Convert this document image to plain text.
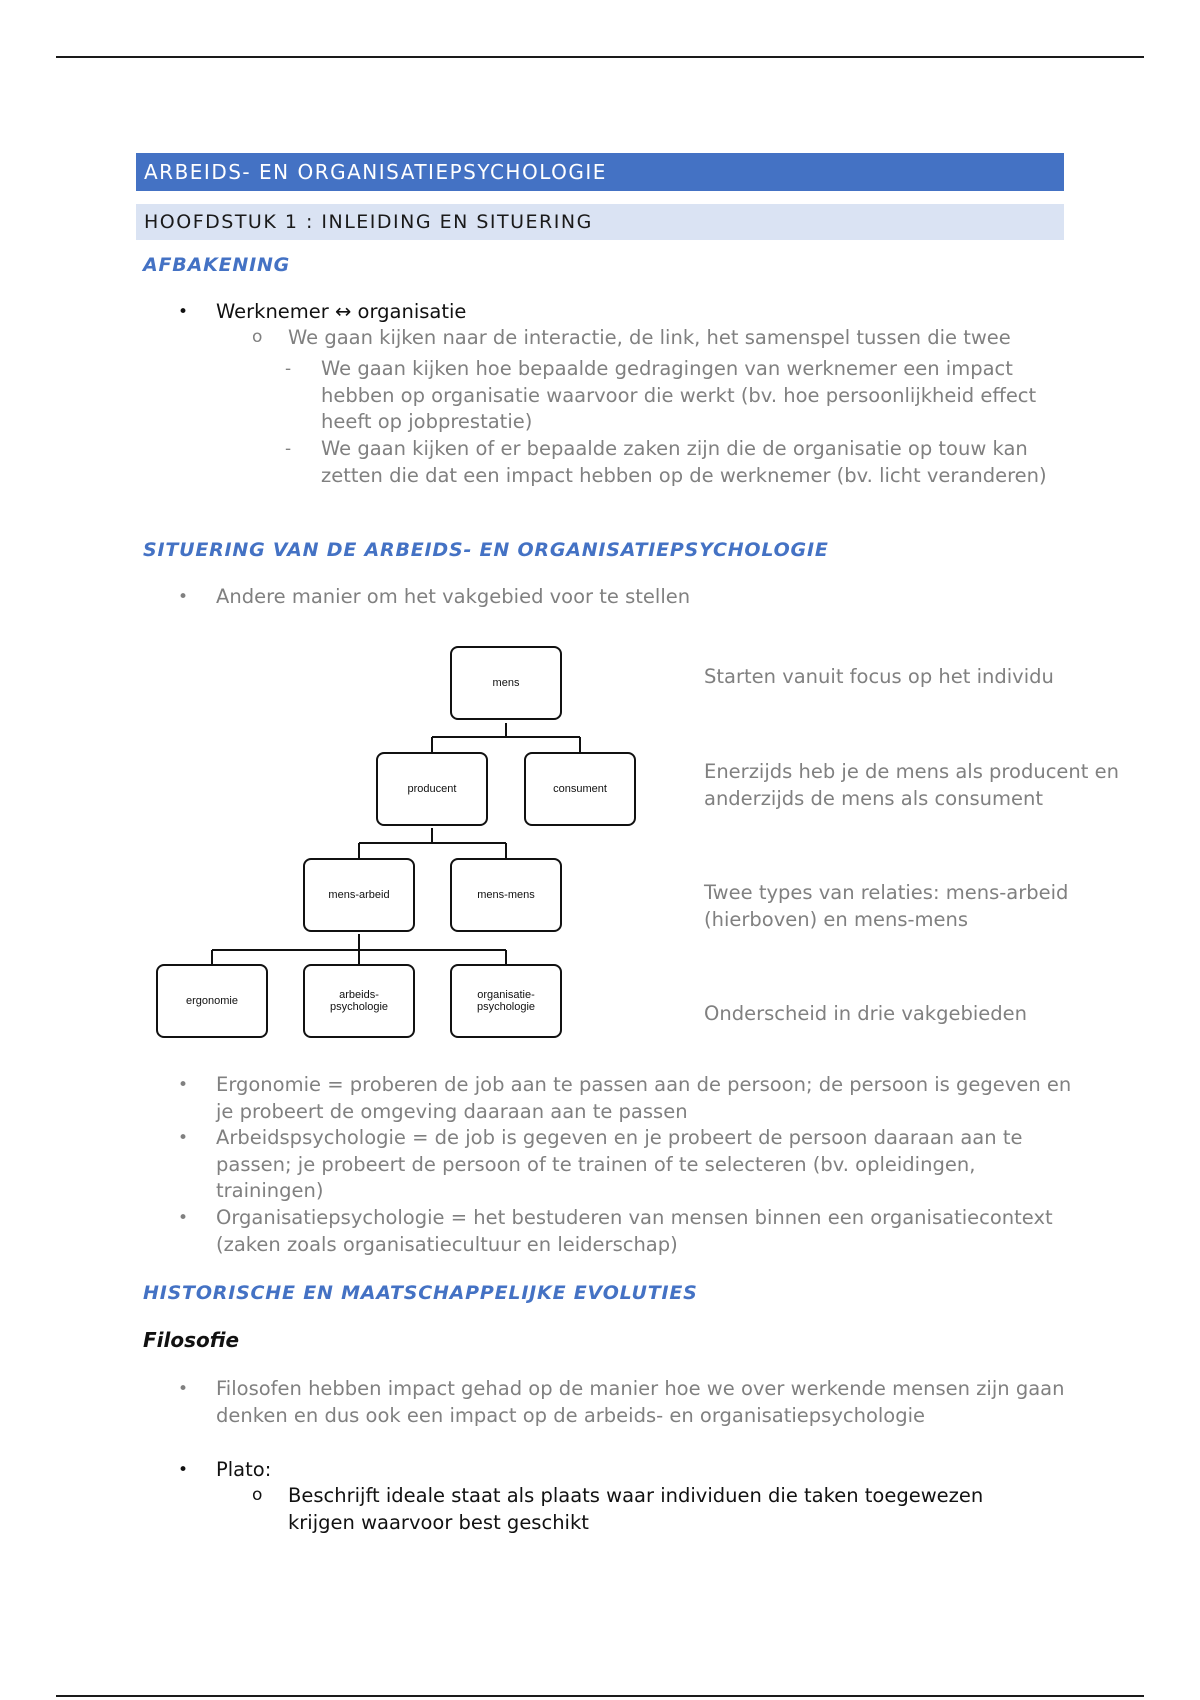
ARBEIDS- EN ORGANISATIEPSYCHOLOGIE
HOOFDSTUK 1 : INLEIDING EN SITUERING
AFBAKENING
• Werknemer ↔ organisatie
o We gaan kijken naar de interactie, de link, het samenspel tussen die twee
- We gaan kijken hoe bepaalde gedragingen van werknemer een impact hebben op organisatie waarvoor die werkt (bv. hoe persoonlijkheid effect heeft op jobprestatie)
- We gaan kijken of er bepaalde zaken zijn die de organisatie op touw kan zetten die dat een impact hebben op de werknemer (bv. licht veranderen)
SITUERING VAN DE ARBEIDS- EN ORGANISATIEPSYCHOLOGIE
• Andere manier om het vakgebied voor te stellen
mens
producent	consument
mens-arbeid	mens-mens
ergonomie	arbeids-
psychologie
organisatie-
psychologie
Starten vanuit focus op het individu
Enerzijds heb je de mens als producent en anderzijds de mens als consument
Twee types van relaties: mens-arbeid (hierboven) en mens-mens
Onderscheid in drie vakgebieden
• Ergonomie = proberen de job aan te passen aan de persoon; de persoon is gegeven en je probeert de omgeving daaraan aan te passen
• Arbeidspsychologie = de job is gegeven en je probeert de persoon daaraan aan te passen; je probeert de persoon of te trainen of te selecteren (bv. opleidingen, trainingen)
• Organisatiepsychologie = het bestuderen van mensen binnen een organisatiecontext (zaken zoals organisatiecultuur en leiderschap)
HISTORISCHE EN MAATSCHAPPELIJKE EVOLUTIES
Filosofie
• Filosofen hebben impact gehad op de manier hoe we over werkende mensen zijn gaan denken en dus ook een impact op de arbeids- en organisatiepsychologie
• Plato:
o Beschrijft ideale staat als plaats waar individuen die taken toegewezen krijgen waarvoor best geschikt
